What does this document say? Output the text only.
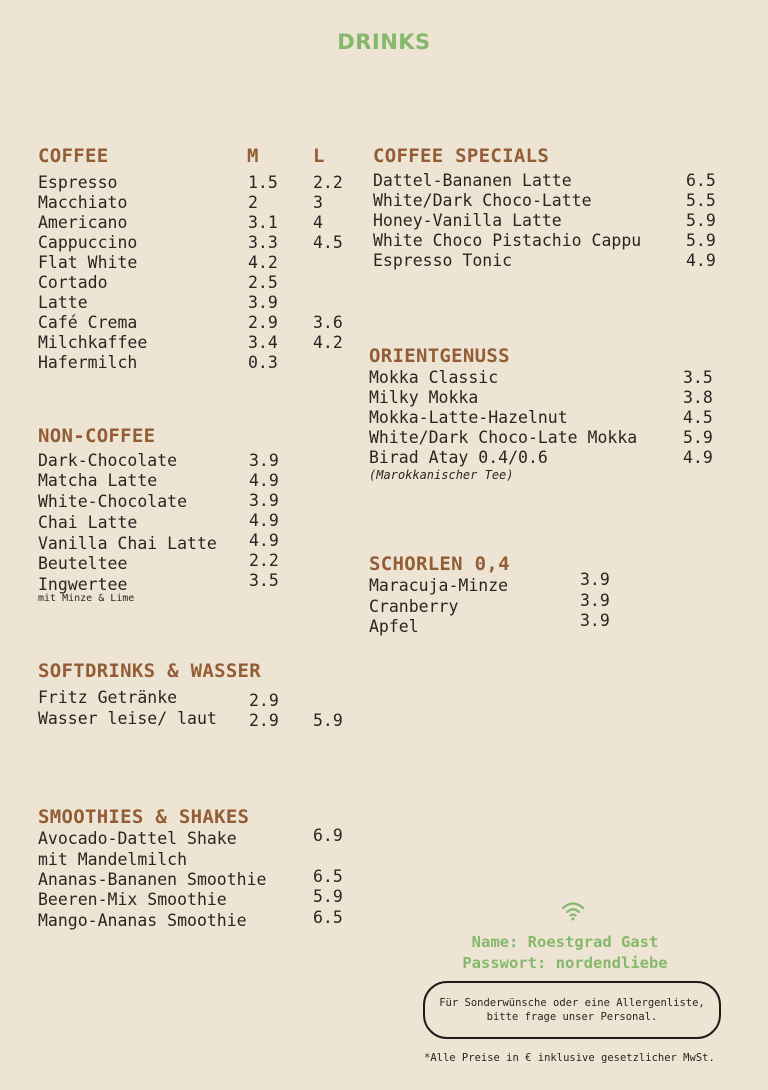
DRINKS
COFFEE	M	L
Espresso	1.5 2.2
Macchiato	2	3
Americano	3.1 4
Cappuccino	3.3 4.5
Flat White	4.2
Cortado	2.5
Latte	3.9
Café Crema	2.9 3.6
Milchkaffee	3.4 4.2
Hafermilch	0.3
NON-COFFEE
Dark-Chocolate	3.9
Matcha Latte	4.9
White-Chocolate	3.9
Chai Latte	4.9
Vanilla Chai Latte 4.9
Beuteltee	2.2
Ingwertee	3.5
mit Minze & Lime
SOFTDRINKS & WASSER
Fritz Getränke	2.9
Wasser leise/ laut 2.9 5.9
SMOOTHIES & SHAKES
Avocado-Dattel Shake	6.9
mit Mandelmilch
Ananas-Bananen Smoothie	6.5
Beeren-Mix Smoothie	5.9
Mango-Ananas Smoothie	6.5
COFFEE SPECIALS
Dattel-Bananen Latte	6.5
White/Dark Choco-Latte	5.5
Honey-Vanilla Latte	5.9
White Choco Pistachio Cappu	5.9
Espresso Tonic	4.9
ORIENTGENUSS
Mokka Classic	3.5
Milky Mokka	3.8
Mokka-Latte-Hazelnut	4.5
White/Dark Choco-Late Mokka	5.9
Birad Atay 0.4/0.6	4.9
(Marokkanischer Tee)
SCHORLEN 0,4
Maracuja-Minze	3.9
Cranberry	3.9
Apfel	3.9
Name: Roestgrad Gast
Passwort: nordendliebe
Für Sonderwünsche oder eine Allergenliste,
bitte frage unser Personal.
*Alle Preise in € inklusive gesetzlicher MwSt.
